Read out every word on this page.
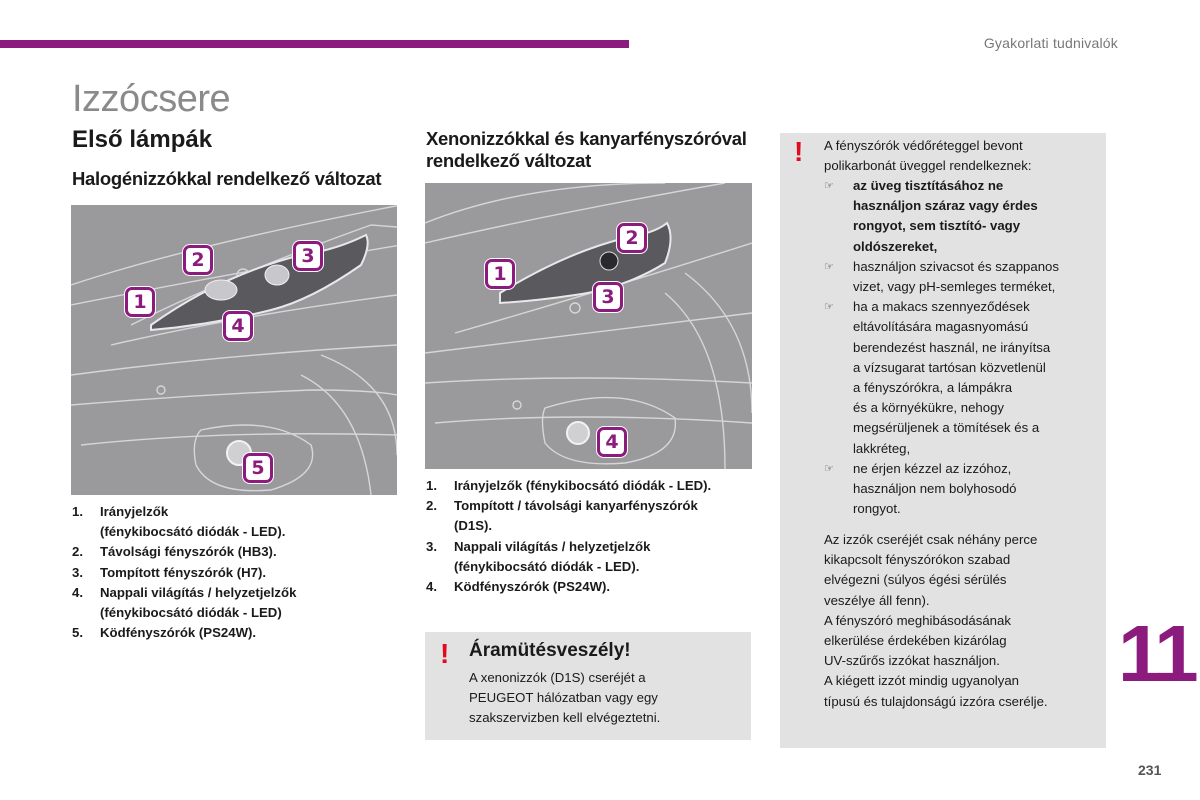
Gyakorlati tudnivalók
Izzócsere
Első lámpák
Halogénizzókkal rendelkező változat
Xenonizzókkal és kanyarfényszóróval rendelkező változat
2	3
1
4
5
2
1
3
4
1.	Irányjelzők
(fénykibocsátó diódák - LED).
2.	Távolsági fényszórók (HB3).
3.	Tompított fényszórók (H7).
4.	Nappali világítás / helyzetjelzők
(fénykibocsátó diódák - LED)
5.	Ködfényszórók (PS24W).
1.	Irányjelzők (fénykibocsátó diódák - LED).
2.	Tompított / távolsági kanyarfényszórók
(D1S).
3.	Nappali világítás / helyzetjelzők
(fénykibocsátó diódák - LED).
4.	Ködfényszórók (PS24W).
! Áramütésveszély!
A xenonizzók (D1S) cseréjét a
PEUGEOT hálózatban vagy egy
szakszervizben kell elvégeztetni.
! A fényszórók védőréteggel bevont
polikarbonát üveggel rendelkeznek:
☞	az üveg tisztításához ne
használjon száraz vagy érdes
rongyot, sem tisztító- vagy
oldószereket,
☞	használjon szivacsot és szappanos
vizet, vagy pH-semleges terméket,
☞	ha a makacs szennyeződések
eltávolítására magasnyomású
berendezést használ, ne irányítsa
a vízsugarat tartósan közvetlenül
a fényszórókra, a lámpákra
és a környékükre, nehogy
megsérüljenek a tömítések és a
lakkréteg,
☞	ne érjen kézzel az izzóhoz,
használjon nem bolyhosodó
rongyot.
Az izzók cseréjét csak néhány perce
kikapcsolt fényszórókon szabad
elvégezni (súlyos égési sérülés
veszélye áll fenn).
A fényszóró meghibásodásának
elkerülése érdekében kizárólag
UV-szűrős izzókat használjon.
A kiégett izzót mindig ugyanolyan
típusú és tulajdonságú izzóra cserélje.
11
231
